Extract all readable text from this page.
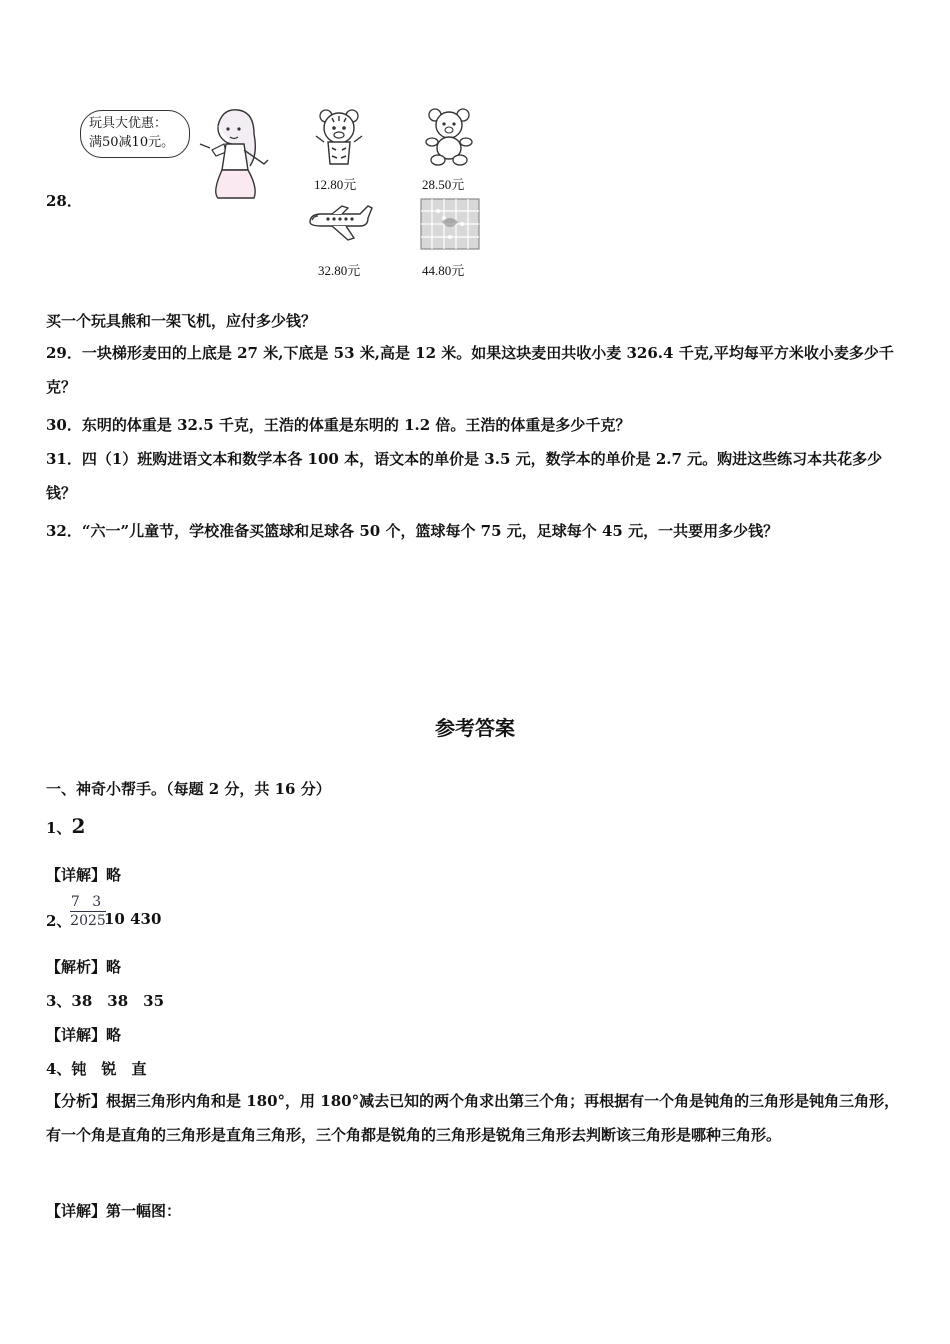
28．
玩具大优惠：
满50减10元。
12.80元	28.50元
32.80元	44.80元
买一个玩具熊和一架飞机，应付多少钱？
29．一块梯形麦田的上底是 27 米,下底是 53 米,高是 12 米。如果这块麦田共收小麦 326.4 千克,平均每平方米收小麦多少千克？
30．东明的体重是 32.5 千克，王浩的体重是东明的 1.2 倍。王浩的体重是多少千克？
31．四（1）班购进语文本和数学本各 100 本，语文本的单价是 3.5 元，数学本的单价是 2.7 元。购进这些练习本共花多少钱？
32．“六一”儿童节，学校准备买篮球和足球各 50 个，篮球每个 75 元，足球每个 45 元，一共要用多少钱？
参考答案
一、神奇小帮手。（每题 2 分，共 16 分）
1、2
【详解】略
2、
7 3
2025
10 430
【解析】略
3、38　38　35
【详解】略
4、钝　锐　直
【分析】根据三角形内角和是 180°，用 180°减去已知的两个角求出第三个角；再根据有一个角是钝角的三角形是钝角三角形，有一个角是直角的三角形是直角三角形，三个角都是锐角的三角形是锐角三角形去判断该三角形是哪种三角形。
【详解】第一幅图：
